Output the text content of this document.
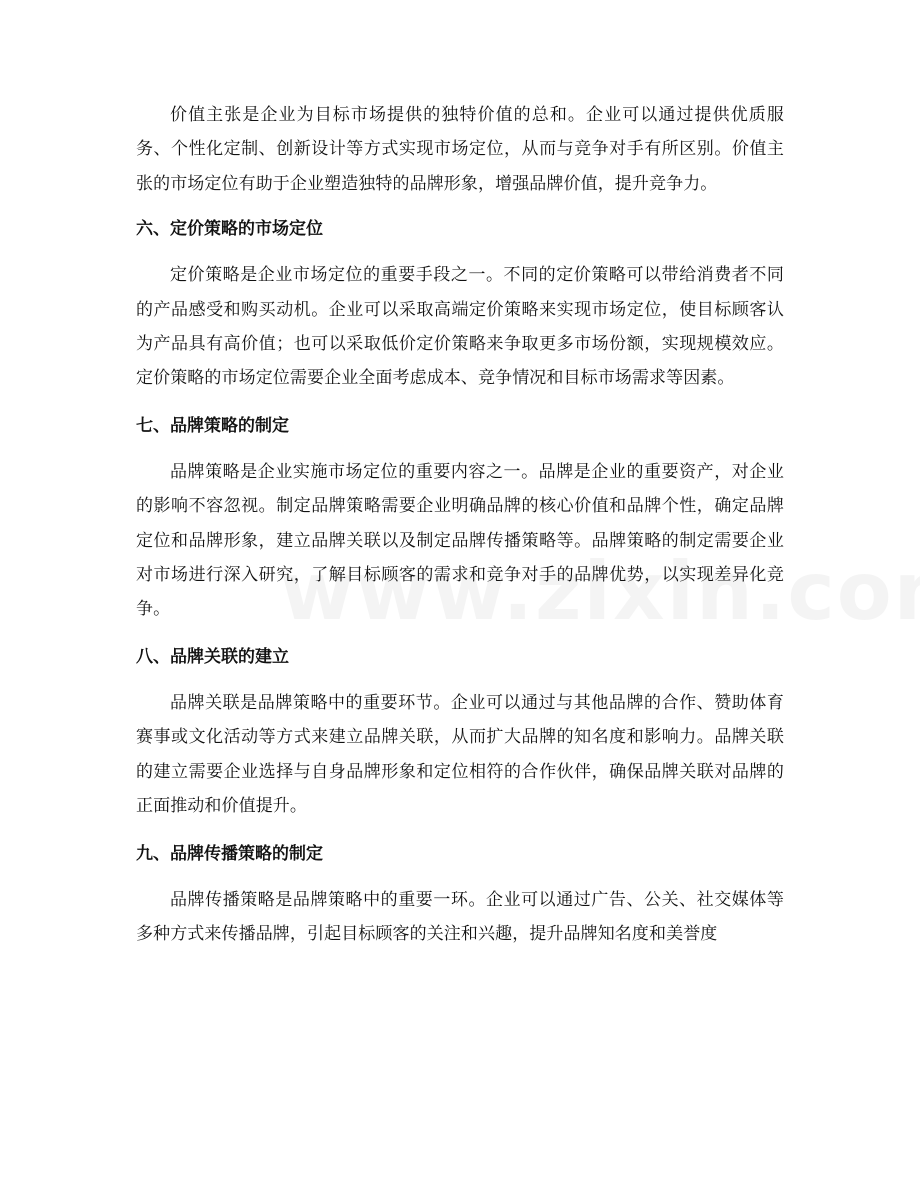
价值主张是企业为目标市场提供的独特价值的总和。企业可以通过提供优质服务、个性化定制、创新设计等方式实现市场定位，从而与竞争对手有所区别。价值主张的市场定位有助于企业塑造独特的品牌形象，增强品牌价值，提升竞争力。

六、定价策略的市场定位

定价策略是企业市场定位的重要手段之一。不同的定价策略可以带给消费者不同的产品感受和购买动机。企业可以采取高端定价策略来实现市场定位，使目标顾客认为产品具有高价值；也可以采取低价定价策略来争取更多市场份额，实现规模效应。定价策略的市场定位需要企业全面考虑成本、竞争情况和目标市场需求等因素。

七、品牌策略的制定

品牌策略是企业实施市场定位的重要内容之一。品牌是企业的重要资产，对企业的影响不容忽视。制定品牌策略需要企业明确品牌的核心价值和品牌个性，确定品牌定位和品牌形象，建立品牌关联以及制定品牌传播策略等。品牌策略的制定需要企业对市场进行深入研究，了解目标顾客的需求和竞争对手的品牌优势，以实现差异化竞争。

八、品牌关联的建立

品牌关联是品牌策略中的重要环节。企业可以通过与其他品牌的合作、赞助体育赛事或文化活动等方式来建立品牌关联，从而扩大品牌的知名度和影响力。品牌关联的建立需要企业选择与自身品牌形象和定位相符的合作伙伴，确保品牌关联对品牌的正面推动和价值提升。

九、品牌传播策略的制定

品牌传播策略是品牌策略中的重要一环。企业可以通过广告、公关、社交媒体等多种方式来传播品牌，引起目标顾客的关注和兴趣，提升品牌知名度和美誉度
